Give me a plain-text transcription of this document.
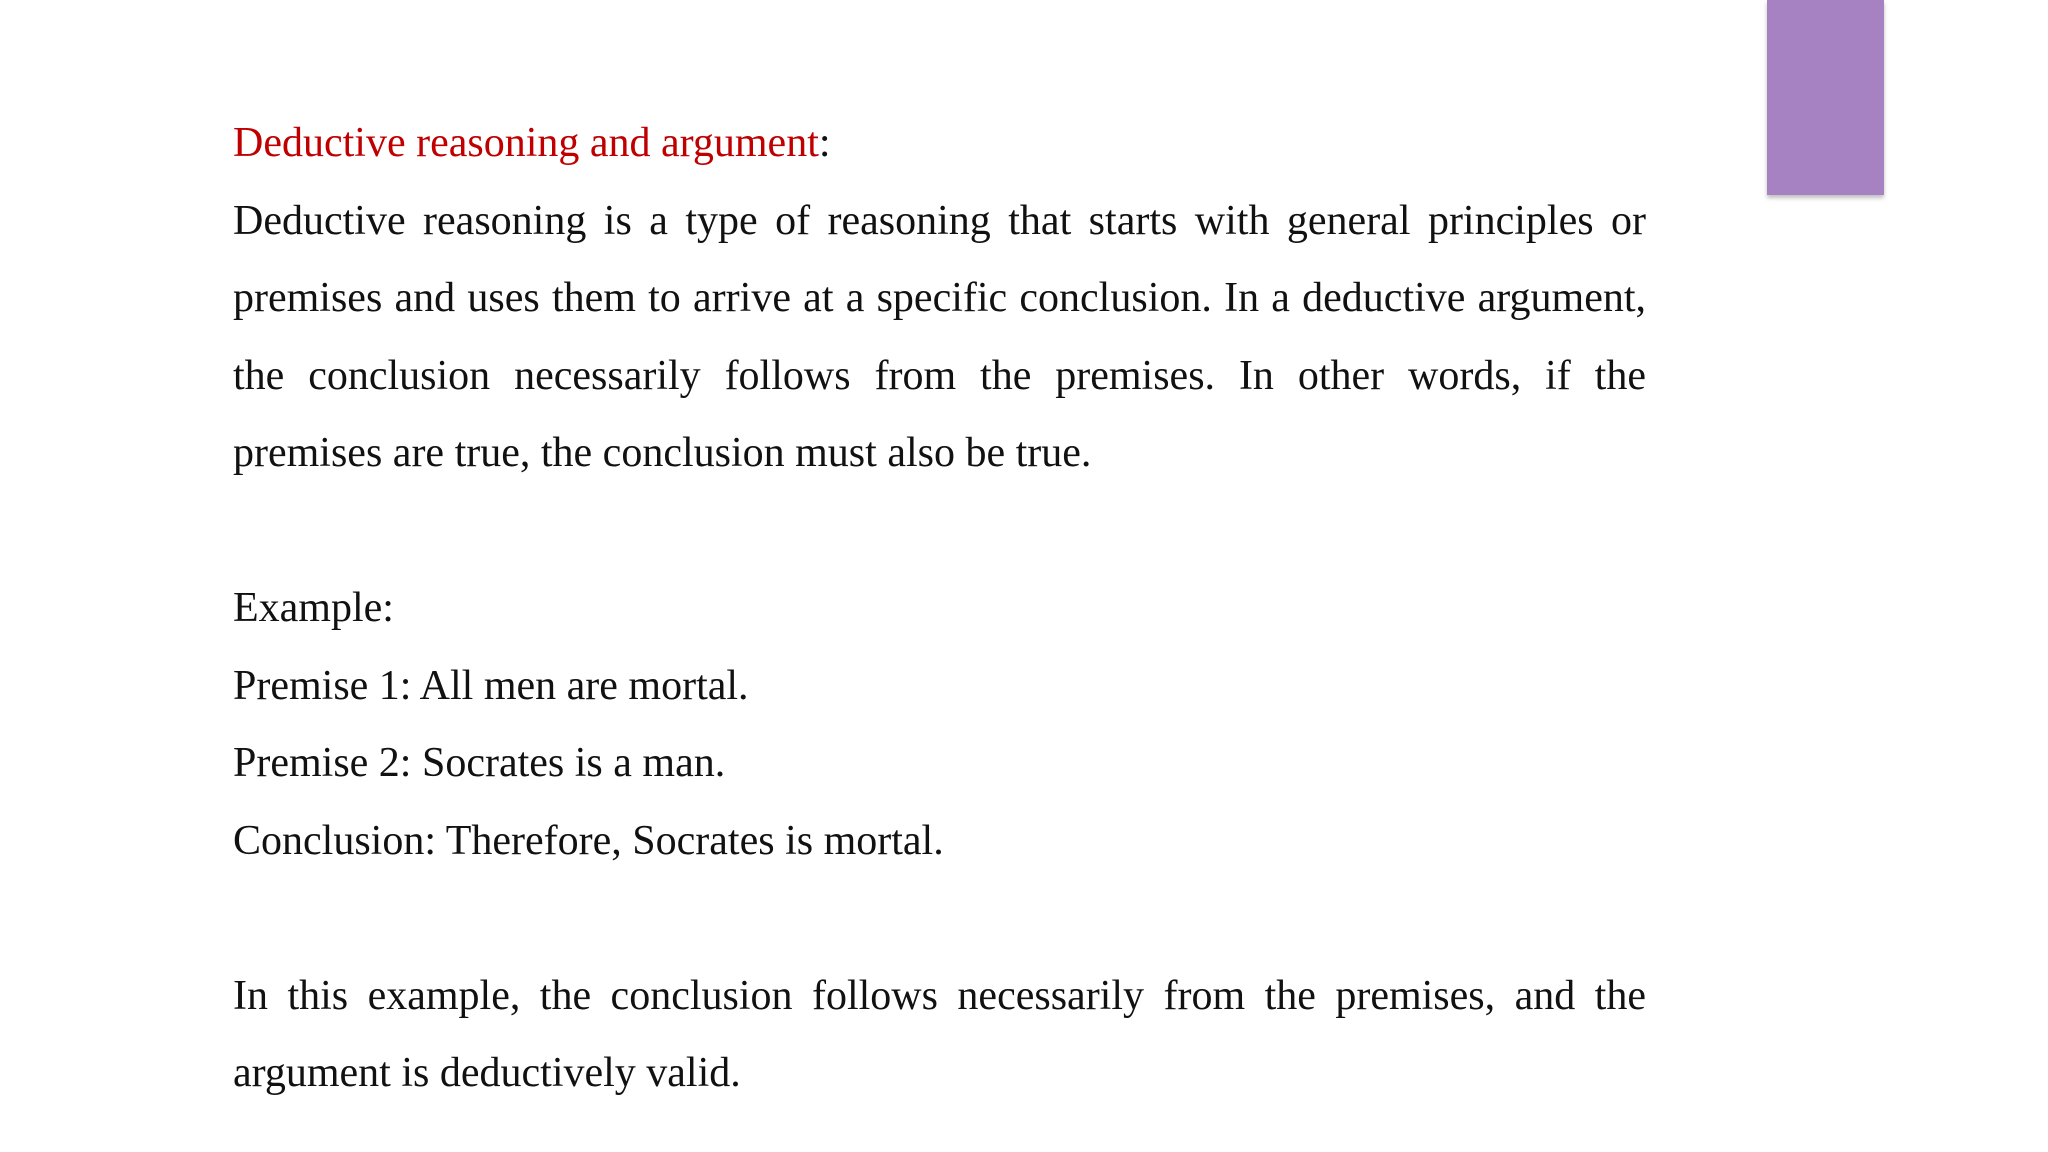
Deductive reasoning and argument:

Deductive reasoning is a type of reasoning that starts with general principles or premises and uses them to arrive at a specific conclusion. In a deductive argument, the conclusion necessarily follows from the premises. In other words, if the premises are true, the conclusion must also be true.

Example:

Premise 1: All men are mortal.

Premise 2: Socrates is a man.

Conclusion: Therefore, Socrates is mortal.

In this example, the conclusion follows necessarily from the premises, and the argument is deductively valid.
